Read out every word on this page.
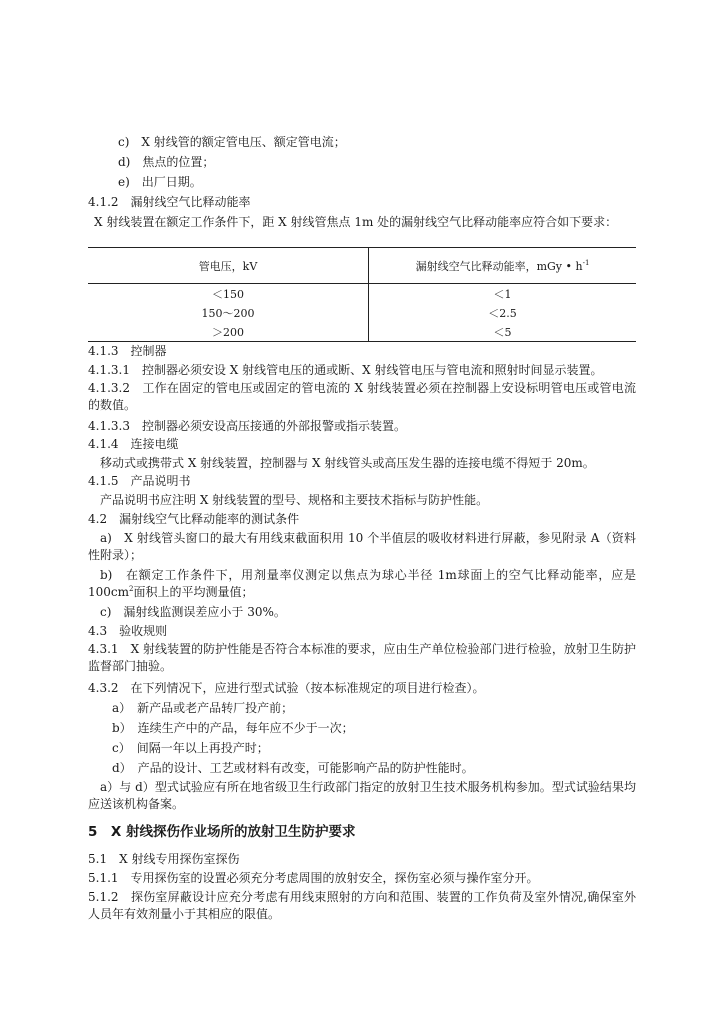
c)　X 射线管的额定管电压、额定管电流；
d)　焦点的位置；
e)　出厂日期。
4.1.2　漏射线空气比释动能率
X 射线装置在额定工作条件下，距 X 射线管焦点 1m 处的漏射线空气比释动能率应符合如下要求：
管电压，kV	漏射线空气比释动能率，mGy • $h^{-1}$
＜150	＜1
150～200	＜2.5
＞200	＜5
4.1.3　控制器
4.1.3.1　控制器必须安设 X 射线管电压的通或断、X 射线管电压与管电流和照射时间显示装置。
4.1.3.2　工作在固定的管电压或固定的管电流的 X 射线装置必须在控制器上安设标明管电压或管电流的数值。
4.1.3.3　控制器必须安设高压接通的外部报警或指示装置。
4.1.4　连接电缆
移动式或携带式 X 射线装置，控制器与 X 射线管头或高压发生器的连接电缆不得短于 20m。
4.1.5　产品说明书
产品说明书应注明 X 射线装置的型号、规格和主要技术指标与防护性能。
4.2　漏射线空气比释动能率的测试条件
a)　X 射线管头窗口的最大有用线束截面积用 10 个半值层的吸收材料进行屏蔽，参见附录 A（资料性附录）；
b)　在额定工作条件下，用剂量率仪测定以焦点为球心半径 1m球面上的空气比释动能率，应是 $100cm^2$面积上的平均测量值；
c)　漏射线监测误差应小于 30%。
4.3　验收规则
4.3.1　X 射线装置的防护性能是否符合本标准的要求，应由生产单位检验部门进行检验，放射卫生防护监督部门抽验。
4.3.2　在下列情况下，应进行型式试验（按本标准规定的项目进行检查）。
a）　新产品或老产品转厂投产前；
b）　连续生产中的产品，每年应不少于一次；
c）　间隔一年以上再投产时；
d）　产品的设计、工艺或材料有改变，可能影响产品的防护性能时。
a）与 d）型式试验应有所在地省级卫生行政部门指定的放射卫生技术服务机构参加。型式试验结果均应送该机构备案。
5　X 射线探伤作业场所的放射卫生防护要求
5.1　X 射线专用探伤室探伤
5.1.1　专用探伤室的设置必须充分考虑周围的放射安全，探伤室必须与操作室分开。
5.1.2　探伤室屏蔽设计应充分考虑有用线束照射的方向和范围、装置的工作负荷及室外情况,确保室外人员年有效剂量小于其相应的限值。
